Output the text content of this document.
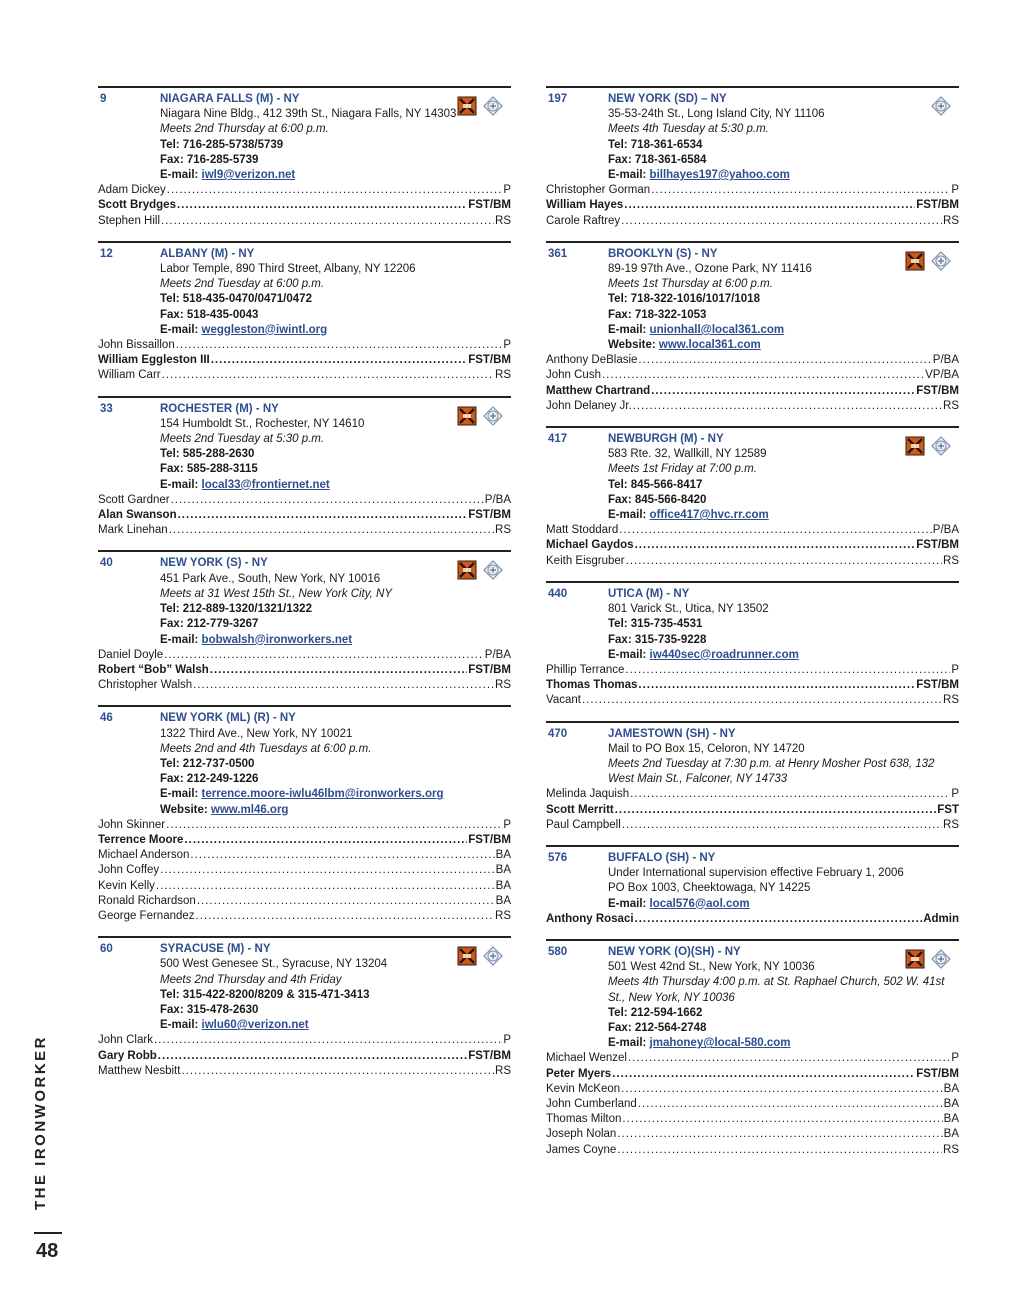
9	NIAGARA FALLS (M) - NY
Niagara Nine Bldg., 412 39th St., Niagara Falls, NY 14303
Meets 2nd Thursday at 6:00 p.m.
Tel: 716-285-5738/5739
Fax: 716-285-5739
E-mail: iwl9@verizon.net
Adam Dickey .....	P
Scott Brydges .....	FST/BM
Stephen Hill .....	RS
12	ALBANY (M) - NY
Labor Temple, 890 Third Street, Albany, NY 12206
Meets 2nd Tuesday at 6:00 p.m.
Tel: 518-435-0470/0471/0472
Fax: 518-435-0043
E-mail: weggleston@iwintl.org
John Bissaillon .....	P
William Eggleston III .....	FST/BM
William Carr .....	RS
33	ROCHESTER (M) - NY
154 Humboldt St., Rochester, NY 14610
Meets 2nd Tuesday at 5:30 p.m.
Tel: 585-288-2630
Fax: 585-288-3115
E-mail: local33@frontiernet.net
Scott Gardner .....	P/BA
Alan Swanson .....	FST/BM
Mark Linehan .....	RS
40	NEW YORK (S) - NY
451 Park Ave., South, New York, NY 10016
Meets at 31 West 15th St., New York City, NY
Tel: 212-889-1320/1321/1322
Fax: 212-779-3267
E-mail: bobwalsh@ironworkers.net
Daniel Doyle .....	P/BA
Robert “Bob” Walsh .....	FST/BM
Christopher Walsh .....	RS
46	NEW YORK (ML) (R) - NY
1322 Third Ave., New York, NY 10021
Meets 2nd and 4th Tuesdays at 6:00 p.m.
Tel: 212-737-0500
Fax: 212-249-1226
E-mail: terrence.moore-iwlu46lbm@ironworkers.org
Website: www.ml46.org
John Skinner .....	P
Terrence Moore .....	FST/BM
Michael Anderson .....	BA
John Coffey .....	BA
Kevin Kelly .....	BA
Ronald Richardson .....	BA
George Fernandez .....	RS
60	SYRACUSE (M) - NY
500 West Genesee St., Syracuse, NY 13204
Meets 2nd Thursday and 4th Friday
Tel: 315-422-8200/8209 & 315-471-3413
Fax: 315-478-2630
E-mail: iwlu60@verizon.net
John Clark .....	P
Gary Robb .....	FST/BM
Matthew Nesbitt .....	RS
197	NEW YORK (SD) – NY
35-53-24th St., Long Island City, NY 11106
Meets 4th Tuesday at 5:30 p.m.
Tel: 718-361-6534
Fax: 718-361-6584
E-mail: billhayes197@yahoo.com
Christopher Gorman .....	P
William Hayes .....	FST/BM
Carole Raftrey .....	RS
361	BROOKLYN (S) - NY
89-19 97th Ave., Ozone Park, NY 11416
Meets 1st Thursday at 6:00 p.m.
Tel: 718-322-1016/1017/1018
Fax: 718-322-1053
E-mail: unionhall@local361.com
Website: www.local361.com
Anthony DeBlasie .....	P/BA
John Cush .....	VP/BA
Matthew Chartrand .....	FST/BM
John Delaney Jr. .....	RS
417	NEWBURGH (M) - NY
583 Rte. 32, Wallkill, NY 12589
Meets 1st Friday at 7:00 p.m.
Tel: 845-566-8417
Fax: 845-566-8420
E-mail: office417@hvc.rr.com
Matt Stoddard .....	P/BA
Michael Gaydos .....	FST/BM
Keith Eisgruber .....	RS
440	UTICA (M) - NY
801 Varick St., Utica, NY 13502
Tel: 315-735-4531
Fax: 315-735-9228
E-mail: iw440sec@roadrunner.com
Phillip Terrance .....	P
Thomas Thomas .....	FST/BM
Vacant .....	RS
470	JAMESTOWN (SH) - NY
Mail to PO Box 15, Celoron, NY 14720
Meets 2nd Tuesday at 7:30 p.m. at Henry Mosher Post 638, 132 West Main St., Falconer, NY 14733
Melinda Jaquish .....	P
Scott Merritt .....	FST
Paul Campbell .....	RS
576	BUFFALO (SH) - NY
Under International supervision effective February 1, 2006
PO Box 1003, Cheektowaga, NY 14225
E-mail: local576@aol.com
Anthony Rosaci .....	Admin
580	NEW YORK (O)(SH) - NY
501 West 42nd St., New York, NY 10036
Meets 4th Thursday 4:00 p.m. at St. Raphael Church, 502 W. 41st St., New York, NY 10036
Tel: 212-594-1662
Fax: 212-564-2748
E-mail: jmahoney@local-580.com
Michael Wenzel .....	P
Peter Myers .....	FST/BM
Kevin McKeon .....	BA
John Cumberland .....	BA
Thomas Milton .....	BA
Joseph Nolan .....	BA
James Coyne .....	RS
THE IRONWORKER
48
